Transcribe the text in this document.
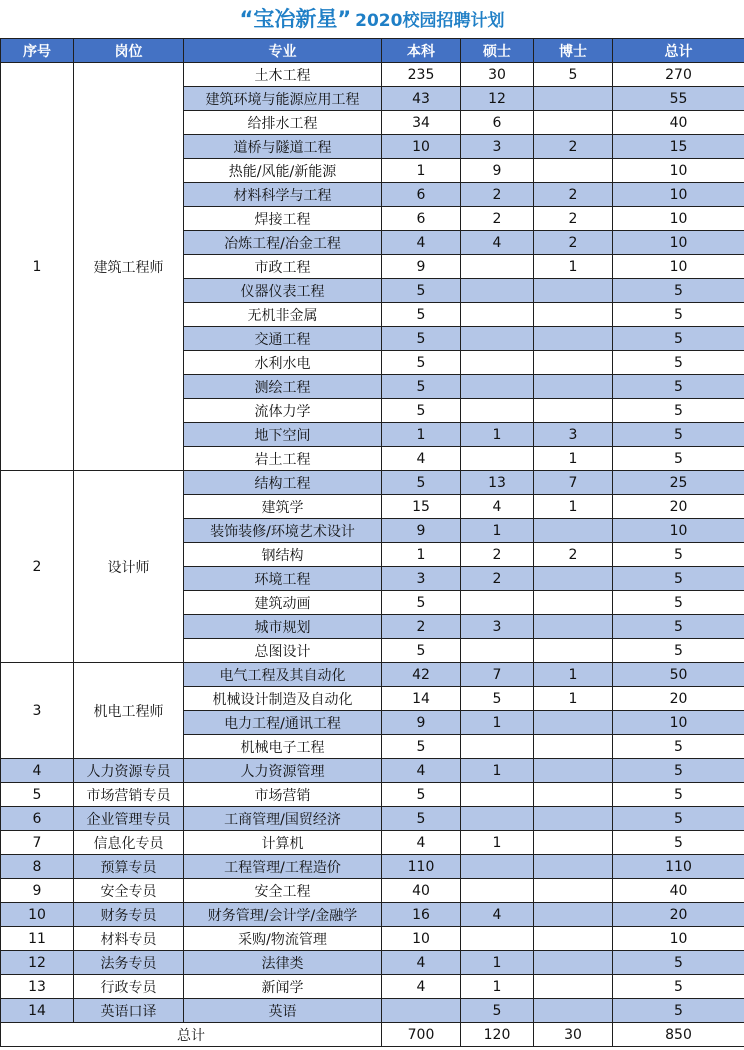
“宝冶新星” 2020校园招聘计划
序号	岗位	专业	本科	硕士	博士	总计
1	建筑工程师	土木工程	235	30	5	270
		建筑环境与能源应用工程	43	12		55
		给排水工程	34	6		40
		道桥与隧道工程	10	3	2	15
		热能/风能/新能源	1	9		10
		材料科学与工程	6	2	2	10
		焊接工程	6	2	2	10
		冶炼工程/冶金工程	4	4	2	10
		市政工程	9		1	10
		仪器仪表工程	5			5
		无机非金属	5			5
		交通工程	5			5
		水利水电	5			5
		测绘工程	5			5
		流体力学	5			5
		地下空间	1	1	3	5
		岩土工程	4		1	5
2	设计师	结构工程	5	13	7	25
		建筑学	15	4	1	20
		装饰装修/环境艺术设计	9	1		10
		钢结构	1	2	2	5
		环境工程	3	2		5
		建筑动画	5			5
		城市规划	2	3		5
		总图设计	5			5
3	机电工程师	电气工程及其自动化	42	7	1	50
		机械设计制造及自动化	14	5	1	20
		电力工程/通讯工程	9	1		10
		机械电子工程	5			5
4	人力资源专员	人力资源管理	4	1		5
5	市场营销专员	市场营销	5			5
6	企业管理专员	工商管理/国贸经济	5			5
7	信息化专员	计算机	4	1		5
8	预算专员	工程管理/工程造价	110			110
9	安全专员	安全工程	40			40
10	财务专员	财务管理/会计学/金融学	16	4		20
11	材料专员	采购/物流管理	10			10
12	法务专员	法律类	4	1		5
13	行政专员	新闻学	4	1		5
14	英语口译	英语		5		5
总计			700	120	30	850
